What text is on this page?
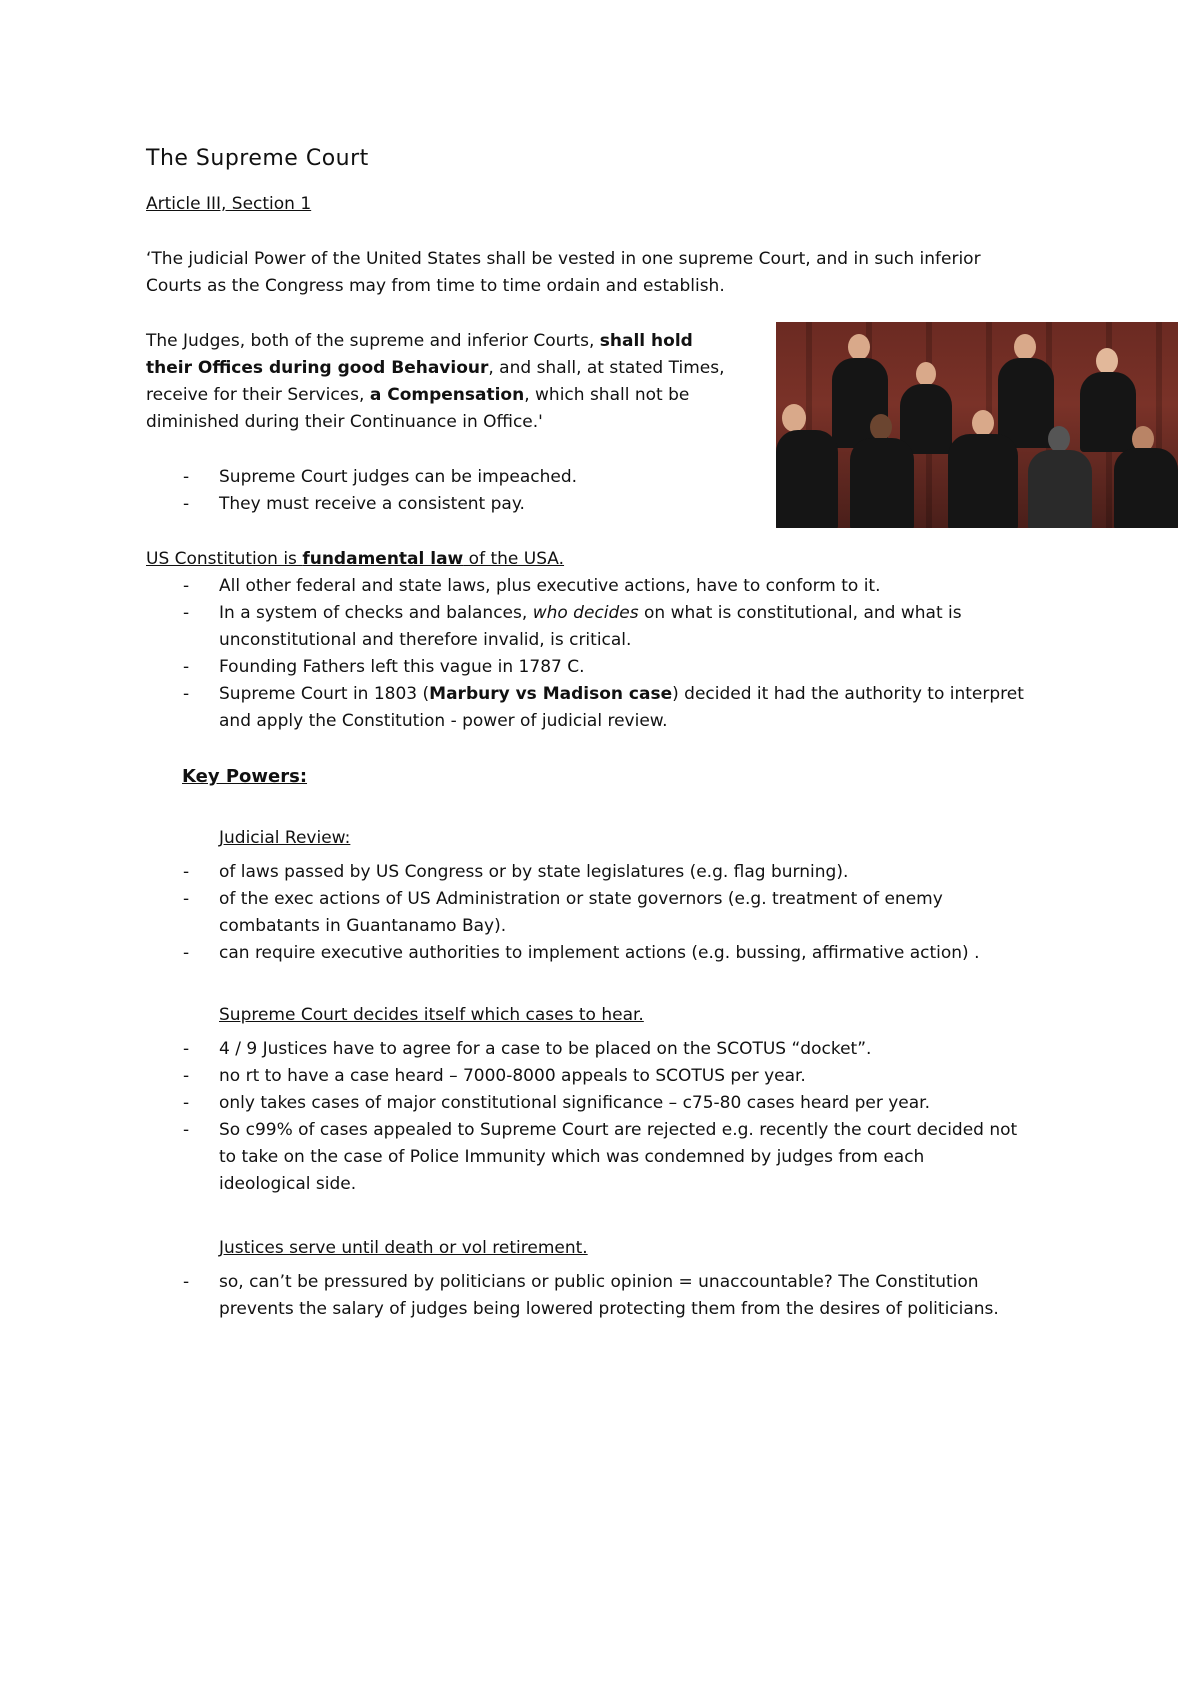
The Supreme Court
Article III, Section 1
‘The judicial Power of the United States shall be vested in one supreme Court, and in such inferior
Courts as the Congress may from time to time ordain and establish.
The Judges, both of the supreme and inferior Courts, shall hold
their Offices during good Behaviour, and shall, at stated Times,
receive for their Services, a Compensation, which shall not be
diminished during their Continuance in Office.'
- Supreme Court judges can be impeached.
- They must receive a consistent pay.
US Constitution is fundamental law of the USA.
- All other federal and state laws, plus executive actions, have to conform to it.
- In a system of checks and balances, who decides on what is constitutional, and what is
unconstitutional and therefore invalid, is critical.
- Founding Fathers left this vague in 1787 C.
- Supreme Court in 1803 (Marbury vs Madison case) decided it had the authority to interpret
and apply the Constitution - power of judicial review.
Key Powers:
Judicial Review:
- of laws passed by US Congress or by state legislatures (e.g. flag burning).
- of the exec actions of US Administration or state governors (e.g. treatment of enemy
combatants in Guantanamo Bay).
- can require executive authorities to implement actions (e.g. bussing, affirmative action) .
Supreme Court decides itself which cases to hear.
- 4 / 9 Justices have to agree for a case to be placed on the SCOTUS “docket”.
- no rt to have a case heard – 7000-8000 appeals to SCOTUS per year.
- only takes cases of major constitutional significance – c75-80 cases heard per year.
- So c99% of cases appealed to Supreme Court are rejected e.g. recently the court decided not
to take on the case of Police Immunity which was condemned by judges from each
ideological side.
Justices serve until death or vol retirement.
- so, can’t be pressured by politicians or public opinion = unaccountable? The Constitution
prevents the salary of judges being lowered protecting them from the desires of politicians.
